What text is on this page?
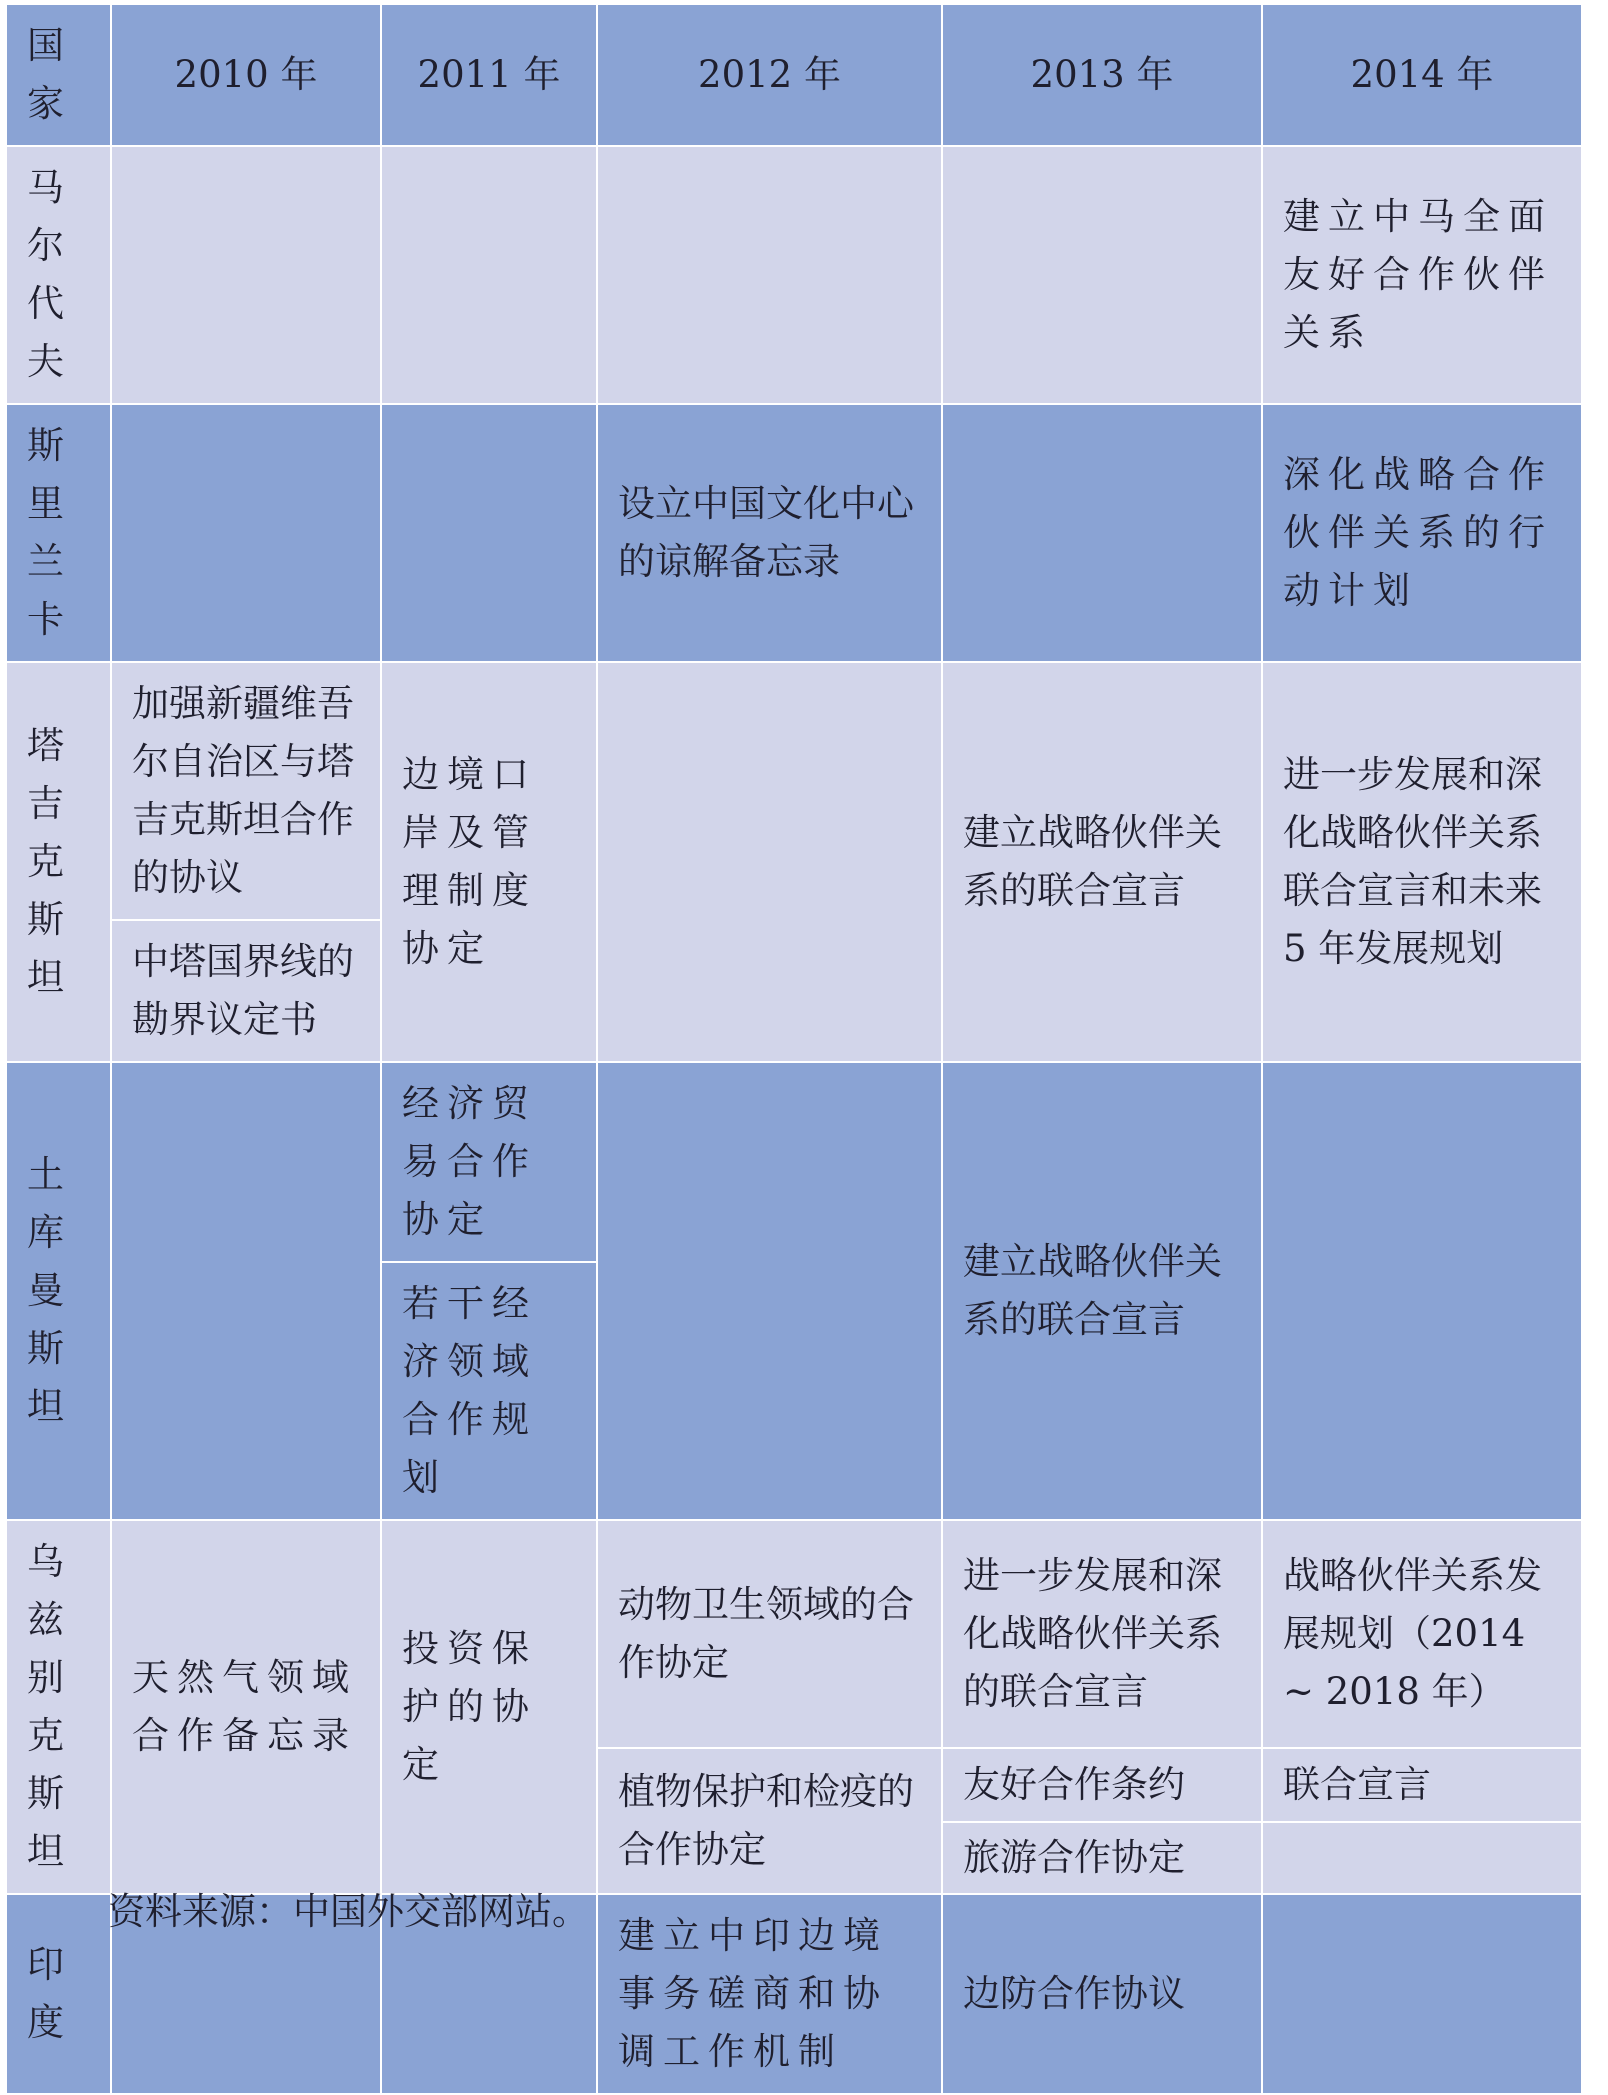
国家	2010 年	2011 年	2012 年	2013 年	2014 年
马尔代夫					建立中马全面友好合作伙伴关系
斯里兰卡			设立中国文化中心的谅解备忘录		深化战略合作伙伴关系的行动计划
塔吉克斯坦	加强新疆维吾尔自治区与塔吉克斯坦合作的协议	边境口岸及管理制度协定		建立战略伙伴关系的联合宣言	进一步发展和深化战略伙伴关系联合宣言和未来 5 年发展规划
	中塔国界线的勘界议定书				
土库曼斯坦		经济贸易合作协定		建立战略伙伴关系的联合宣言	
		若干经济领域合作规划			
乌兹别克斯坦	天然气领域合作备忘录	投资保护的协定	动物卫生领域的合作协定	进一步发展和深化战略伙伴关系的联合宣言	战略伙伴关系发展规划（2014 ~ 2018 年）
			植物保护和检疫的合作协定	友好合作条约	联合宣言
				旅游合作协定	
印度			建立中印边境事务磋商和协调工作机制	边防合作协议	
资料来源：中国外交部网站。
